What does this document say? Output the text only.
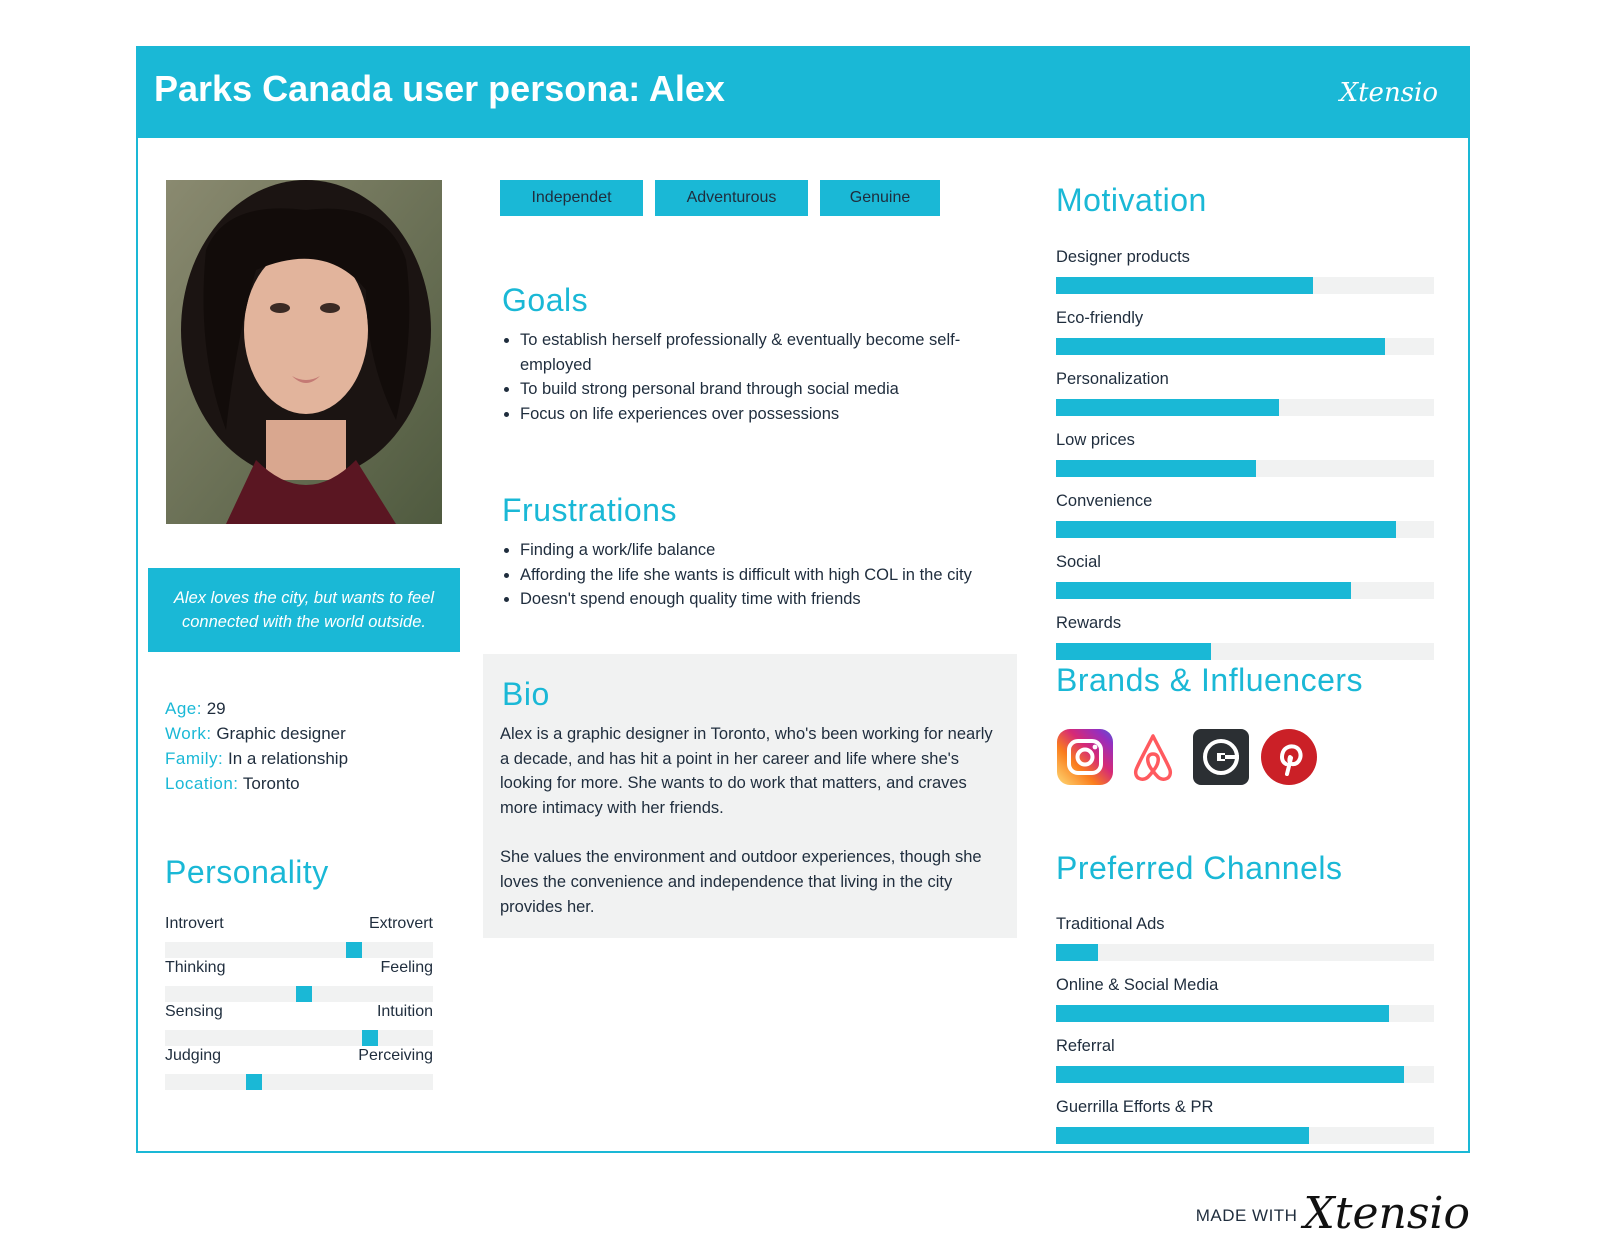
Parks Canada user persona: Alex	Xtensio
Alex loves the city, but wants to feel connected with the world outside.
Age: 29
Work: Graphic designer
Family: In a relationship
Location: Toronto
Personality
Introvert	Extrovert
Thinking	Feeling
Sensing	Intuition
Judging	Perceiving
Independet	Adventurous	Genuine
Goals
• To establish herself professionally & eventually become self-employed
• To build strong personal brand through social media
• Focus on life experiences over possessions
Frustrations
• Finding a work/life balance
• Affording the life she wants is difficult with high COL in the city
• Doesn't spend enough quality time with friends
Bio

Alex is a graphic designer in Toronto, who's been working for nearly a decade, and has hit a point in her career and life where she's looking for more. She wants to do work that matters, and craves more intimacy with her friends.

She values the environment and outdoor experiences, though she loves the convenience and independence that living in the city provides her.

Motivation
Designer products
Eco-friendly
Personalization
Low prices
Convenience
Social
Rewards
Brands & Influencers
Preferred Channels
Traditional Ads
Online & Social Media
Referral
Guerrilla Efforts & PR
MADE WITH Xtensio
